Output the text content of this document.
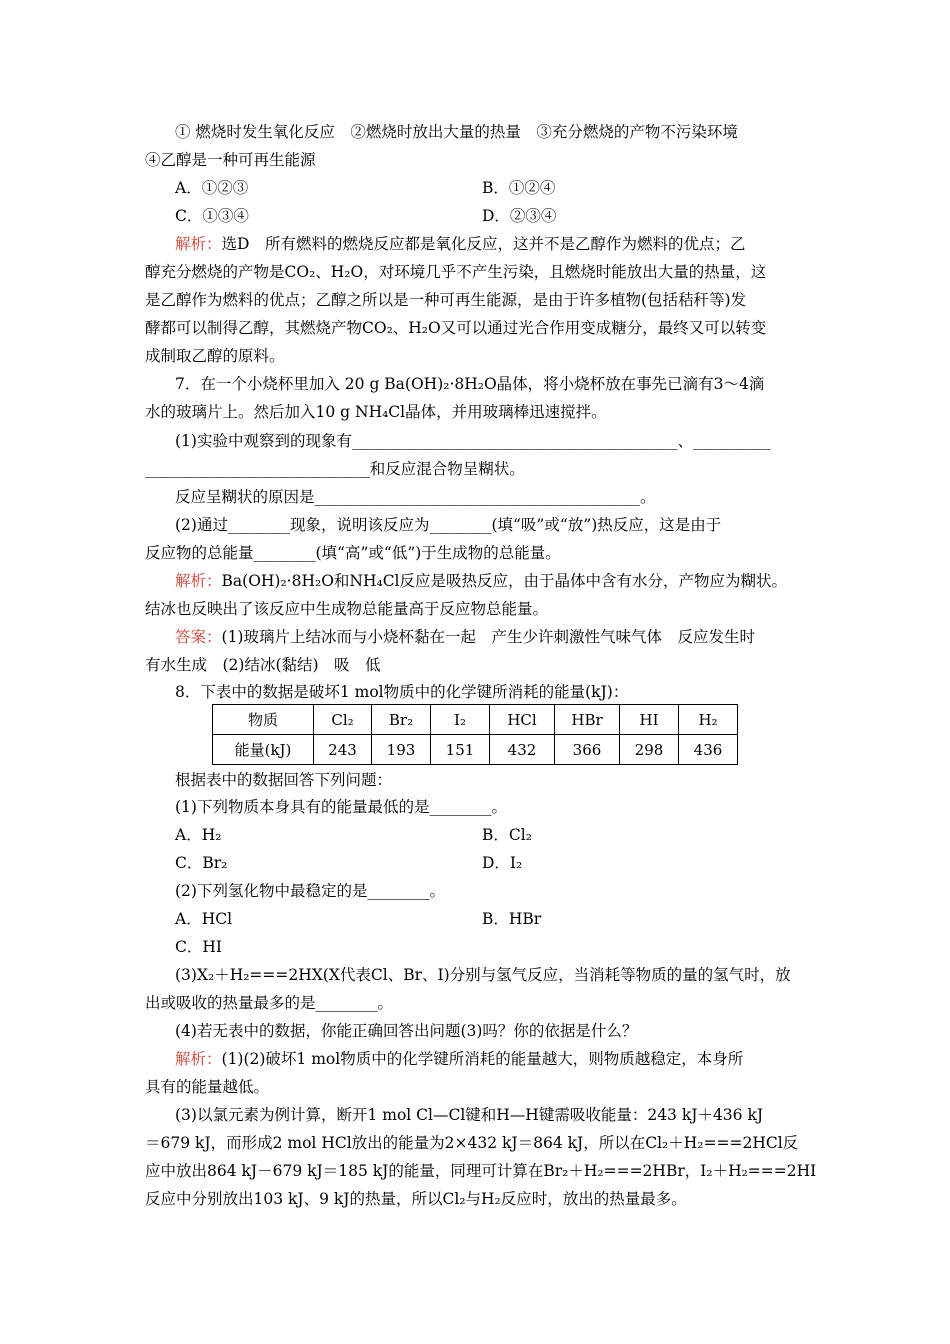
① 燃烧时发生氧化反应　②燃烧时放出大量的热量　③充分燃烧的产物不污染环境
④乙醇是一种可再生能源
A．①②③	B．①②④
C．①③④	D．②③④
解析：选D　所有燃料的燃烧反应都是氧化反应，这并不是乙醇作为燃料的优点；乙
醇充分燃烧的产物是CO₂、H₂O，对环境几乎不产生污染，且燃烧时能放出大量的热量，这
是乙醇作为燃料的优点；乙醇之所以是一种可再生能源，是由于许多植物(包括秸秆等)发
酵都可以制得乙醇，其燃烧产物CO₂、H₂O又可以通过光合作用变成糖分，最终又可以转变
成制取乙醇的原料。
7．在一个小烧杯里加入 20 g Ba(OH)₂·8H₂O晶体，将小烧杯放在事先已滴有3～4滴
水的玻璃片上。然后加入10 g NH₄Cl晶体，并用玻璃棒迅速搅拌。
(1)实验中观察到的现象有__________________________________________、__________
_____________________________和反应混合物呈糊状。
反应呈糊状的原因是__________________________________________。
(2)通过________现象，说明该反应为________(填“吸”或“放”)热反应，这是由于
反应物的总能量________(填“高”或“低”)于生成物的总能量。
解析：Ba(OH)₂·8H₂O和NH₄Cl反应是吸热反应，由于晶体中含有水分，产物应为糊状。
结冰也反映出了该反应中生成物总能量高于反应物总能量。
答案：(1)玻璃片上结冰而与小烧杯黏在一起　产生少许刺激性气味气体　反应发生时
有水生成　(2)结冰(黏结)　吸　低
8．下表中的数据是破坏1 mol物质中的化学键所消耗的能量(kJ)：
物质	Cl₂	Br₂	I₂	HCl	HBr	HI	H₂
能量(kJ)	243	193	151	432	366	298	436
根据表中的数据回答下列问题：
(1)下列物质本身具有的能量最低的是________。
A．H₂	B．Cl₂
C．Br₂	D．I₂
(2)下列氢化物中最稳定的是________。
A．HCl	B．HBr
C．HI
(3)X₂＋H₂===2HX(X代表Cl、Br、I)分别与氢气反应，当消耗等物质的量的氢气时，放
出或吸收的热量最多的是________。
(4)若无表中的数据，你能正确回答出问题(3)吗？你的依据是什么？
解析：(1)(2)破坏1 mol物质中的化学键所消耗的能量越大，则物质越稳定，本身所
具有的能量越低。
(3)以氯元素为例计算，断开1 mol Cl—Cl键和H—H键需吸收能量：243 kJ＋436 kJ
＝679 kJ，而形成2 mol HCl放出的能量为2×432 kJ＝864 kJ，所以在Cl₂＋H₂===2HCl反
应中放出864 kJ－679 kJ＝185 kJ的能量，同理可计算在Br₂＋H₂===2HBr，I₂＋H₂===2HI
反应中分别放出103 kJ、9 kJ的热量，所以Cl₂与H₂反应时，放出的热量最多。
